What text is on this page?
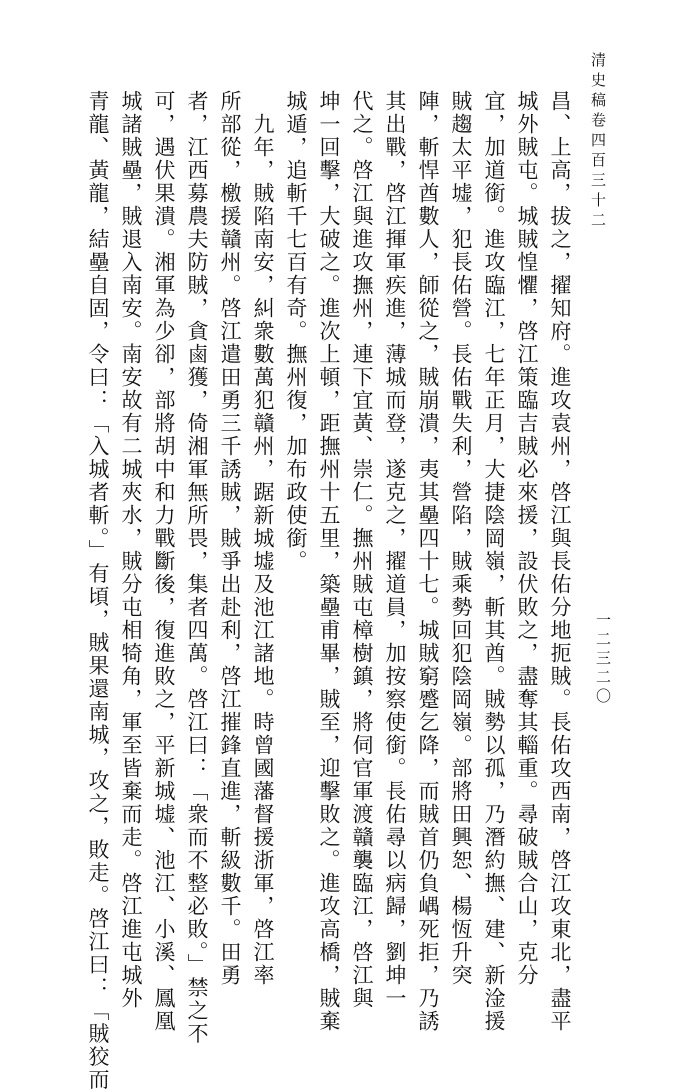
清史稿卷四百三十二
一二三二〇

昌、上高，拔之，擢知府。進攻袁州，啓江與長佑分地扼賊。長佑攻西南，啓江攻東北，盡平

城外賊屯。城賊惶懼，啓江策臨吉賊必來援，設伏敗之，盡奪其輜重。尋破賊合山，克分

宜，加道銜。進攻臨江，七年正月，大捷陰岡嶺，斬其酋。賊勢以孤，乃潛約撫、建、新淦援

賊趨太平墟，犯長佑營。長佑戰失利，營陷，賊乘勢回犯陰岡嶺。部將田興恕、楊恆升突

陣，斬悍酋數人，師從之，賊崩潰，夷其壘四十七。城賊窮蹙乞降，而賊首仍負嵎死拒，乃誘

其出戰，啓江揮軍疾進，薄城而登，遂克之，擢道員，加按察使銜。長佑尋以病歸，劉坤一

代之。啓江與進攻撫州，連下宜黃、崇仁。撫州賊屯樟樹鎮，將伺官軍渡贛襲臨江，啓江與

坤一回擊，大破之。進次上頓，距撫州十五里，築壘甫畢，賊至，迎擊敗之。進攻高橋，賊棄

城遁，追斬千七百有奇。撫州復，加布政使銜。

　九年，賊陷南安，糾衆數萬犯贛州，踞新城墟及池江諸地。時曾國藩督援浙軍，啓江率

所部從，檄援贛州。啓江遣田勇三千誘賊，賊爭出赴利，啓江摧鋒直進，斬級數千。田勇

者，江西募農夫防賊，貪鹵獲，倚湘軍無所畏，集者四萬。啓江曰：「衆而不整必敗。」禁之不

可，遇伏果潰。湘軍為少卻，部將胡中和力戰斷後，復進敗之，平新城墟、池江、小溪、鳳凰

城諸賊壘，賊退入南安。南安故有二城夾水，賊分屯相犄角，軍至皆棄而走。啓江進屯城外

青龍、黃龍，結壘自固，令曰：「入城者斬。」有頃，賊果還南城，攻之，敗走。啓江曰：「賊狡而
